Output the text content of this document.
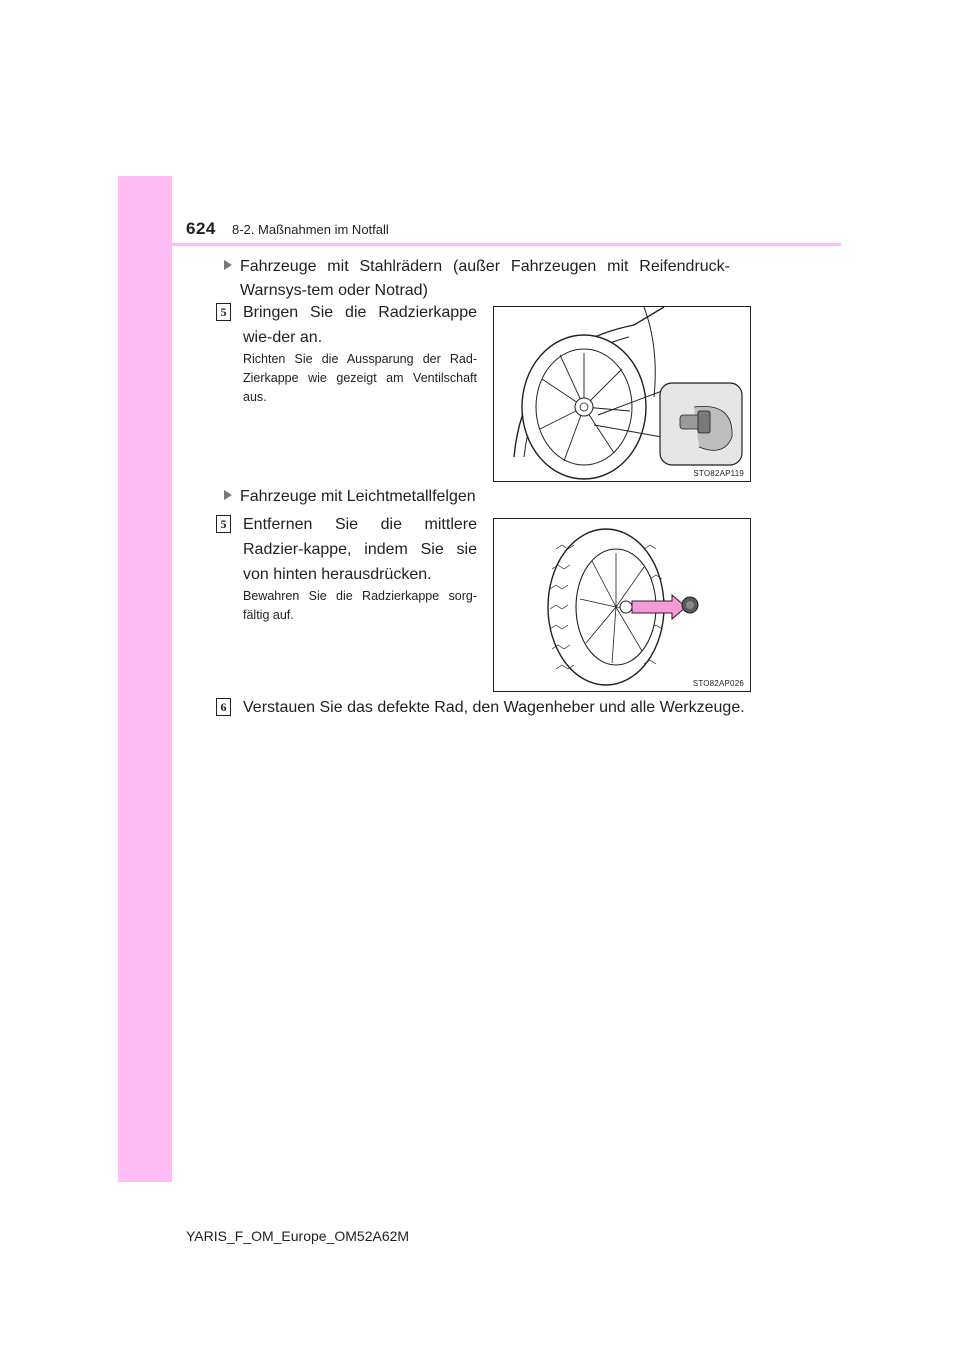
624 8-2. Maßnahmen im Notfall
Fahrzeuge mit Stahlrädern (außer Fahrzeugen mit Reifendruck-Warnsys-tem oder Notrad)
5 Bringen Sie die Radzierkappe wie-der an.
Richten Sie die Aussparung der Rad-Zierkappe wie gezeigt am Ventilschaft aus.
STO82AP119
Fahrzeuge mit Leichtmetallfelgen
5 Entfernen Sie die mittlere Radzier-kappe, indem Sie sie von hinten herausdrücken.
Bewahren Sie die Radzierkappe sorg-fältig auf.
STO82AP026
6 Verstauen Sie das defekte Rad, den Wagenheber und alle Werkzeuge.
YARIS_F_OM_Europe_OM52A62M
